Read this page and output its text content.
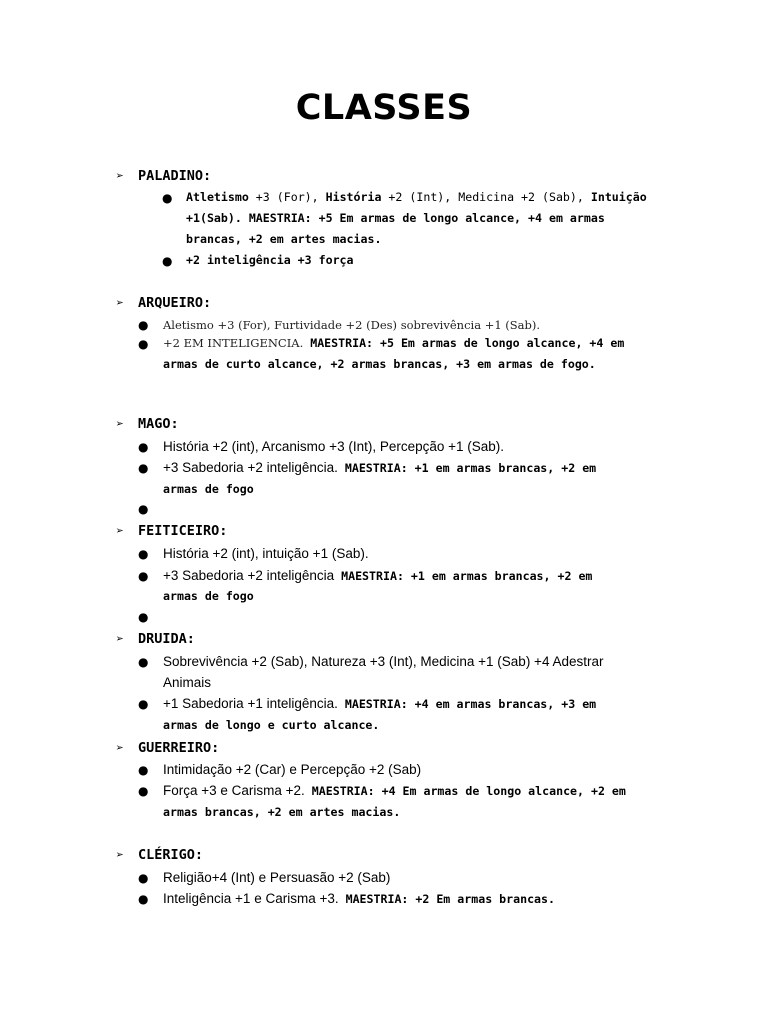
CLASSES
➢	PALADINO:
● Atletismo +3 (For), História +2 (Int), Medicina +2 (Sab), Intuição
+1(Sab). MAESTRIA: +5 Em armas de longo alcance, +4 em armas
brancas, +2 em artes macias.
● +2 inteligência +3 força
➢	ARQUEIRO:
● Aletismo +3 (For), Furtividade +2 (Des) sobrevivência +1 (Sab).
● +2 EM INTELIGENCIA. MAESTRIA: +5 Em armas de longo alcance, +4 em
armas de curto alcance, +2 armas brancas, +3 em armas de fogo.
➢	MAGO:
● História +2 (int), Arcanismo +3 (Int), Percepção +1 (Sab).
● +3 Sabedoria +2 inteligência. MAESTRIA: +1 em armas brancas, +2 em
armas de fogo
●
➢	FEITICEIRO:
● História +2 (int), intuição +1 (Sab).
● +3 Sabedoria +2 inteligência MAESTRIA: +1 em armas brancas, +2 em
armas de fogo
●
➢	DRUIDA:
● Sobrevivência +2 (Sab), Natureza +3 (Int), Medicina +1 (Sab) +4 Adestrar
Animais
● +1 Sabedoria +1 inteligência. MAESTRIA: +4 em armas brancas, +3 em
armas de longo e curto alcance.
➢	GUERREIRO:
● Intimidação +2 (Car) e Percepção +2 (Sab)
● Força +3 e Carisma +2. MAESTRIA: +4 Em armas de longo alcance, +2 em
armas brancas, +2 em artes macias.
➢	CLÉRIGO:
● Religião+4 (Int) e Persuasão +2 (Sab)
● Inteligência +1 e Carisma +3. MAESTRIA: +2 Em armas brancas.
